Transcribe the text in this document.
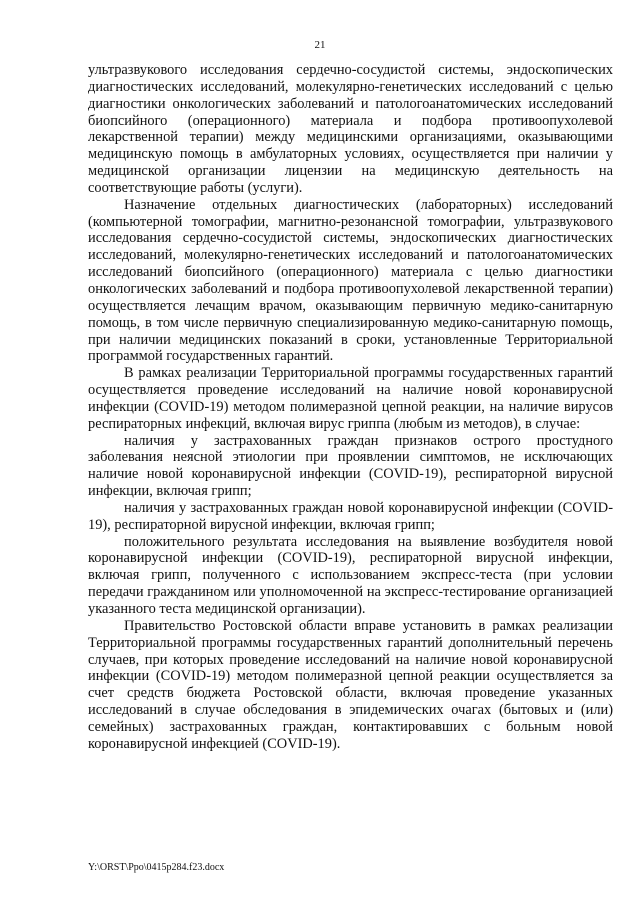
21

ультразвукового исследования сердечно-сосудистой системы, эндоскопических диагностических исследований, молекулярно-генетических исследований с целью диагностики онкологических заболеваний и патологоанатомических исследований биопсийного (операционного) материала и подбора противоопухолевой лекарственной терапии) между медицинскими организациями, оказывающими медицинскую помощь в амбулаторных условиях, осуществляется при наличии у медицинской организации лицензии на медицинскую деятельность на соответствующие работы (услуги).

Назначение отдельных диагностических (лабораторных) исследований (компьютерной томографии, магнитно-резонансной томографии, ультразвукового исследования сердечно-сосудистой системы, эндоскопических диагностических исследований, молекулярно-генетических исследований и патологоанатомических исследований биопсийного (операционного) материала с целью диагностики онкологических заболеваний и подбора противоопухолевой лекарственной терапии) осуществляется лечащим врачом, оказывающим первичную медико-санитарную помощь, в том числе первичную специализированную медико-санитарную помощь, при наличии медицинских показаний в сроки, установленные Территориальной программой государственных гарантий.

В рамках реализации Территориальной программы государственных гарантий осуществляется проведение исследований на наличие новой коронавирусной инфекции (COVID-19) методом полимеразной цепной реакции, на наличие вирусов респираторных инфекций, включая вирус гриппа (любым из методов), в случае:

наличия у застрахованных граждан признаков острого простудного заболевания неясной этиологии при проявлении симптомов, не исключающих наличие новой коронавирусной инфекции (COVID-19), респираторной вирусной инфекции, включая грипп;

наличия у застрахованных граждан новой коронавирусной инфекции (COVID-19), респираторной вирусной инфекции, включая грипп;

положительного результата исследования на выявление возбудителя новой коронавирусной инфекции (COVID-19), респираторной вирусной инфекции, включая грипп, полученного с использованием экспресс-теста (при условии передачи гражданином или уполномоченной на экспресс-тестирование организацией указанного теста медицинской организации).

Правительство Ростовской области вправе установить в рамках реализации Территориальной программы государственных гарантий дополнительный перечень случаев, при которых проведение исследований на наличие новой коронавирусной инфекции (COVID-19) методом полимеразной цепной реакции осуществляется за счет средств бюджета Ростовской области, включая проведение указанных исследований в случае обследования в эпидемических очагах (бытовых и (или) семейных) застрахованных граждан, контактировавших с больным новой коронавирусной инфекцией (COVID-19).

Y:\ORST\Ppo\0415p284.f23.docx
